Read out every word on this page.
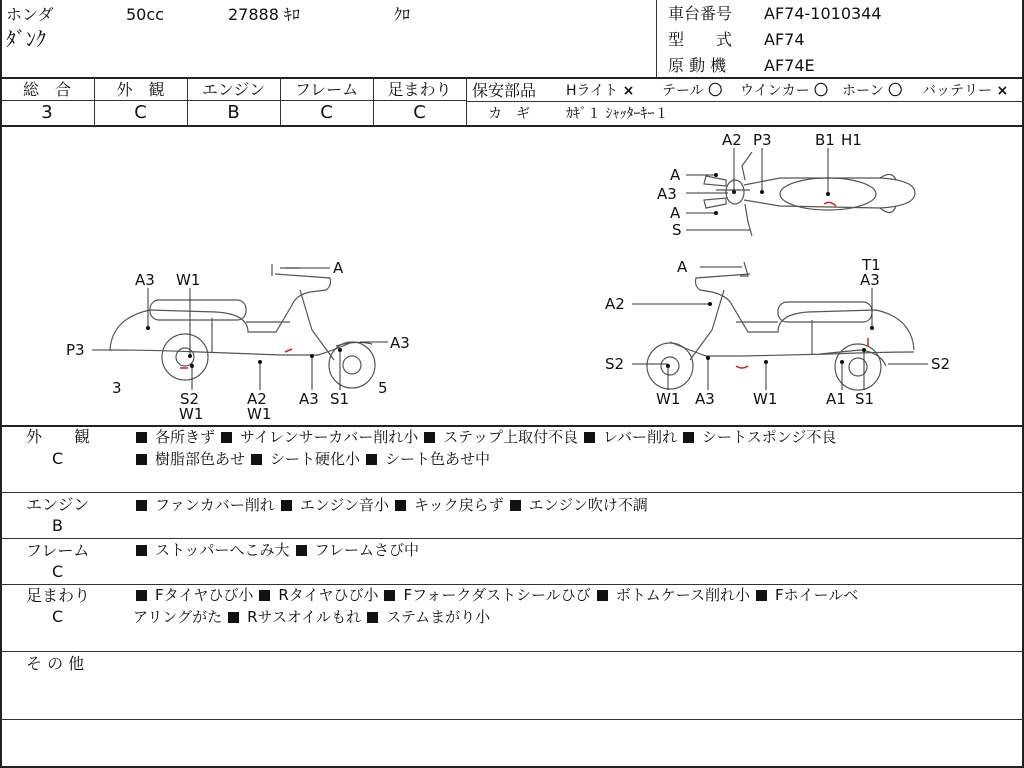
ホンダ	50cc	27888 ｷﾛ	ｸﾛ
ﾀﾞﾝｸ
車台番号 AF74-1010344
型　　式 AF74
原 動 機 AF74E
総　合	外　観	エンジン	フレーム	足まわり
3	C	B	C	C
保安部品 Hライト × テール 〇 ウインカー 〇 ホーン 〇 バッテリー ×
カ　ギ	ｶｷﾞ１ ｼｬｯﾀｰｷｰ１
A2 P3	B1 H1
A
A3
A
S
A3 W1
A
P3
3
A3
S2
W1
A2
W1
A3 S1
5
A	T1
A3
A2
S2	S2
W1 A3	W1	A1 S1
外　　観
C
各所きず サイレンサーカバー削れ小 ステップ上取付不良 レバー削れ シートスポンジ不良
樹脂部色あせ シート硬化小 シート色あせ中
エンジン
B
ファンカバー削れ エンジン音小 キック戻らず エンジン吹け不調
フレーム
C
ストッパーへこみ大 フレームさび中
足まわり
C
Fタイヤひび小 Rタイヤひび小 Fフォークダストシールひび ボトムケース削れ小 Fホイールベ
アリングがた Rサスオイルもれ ステムまがり小
そ の 他
